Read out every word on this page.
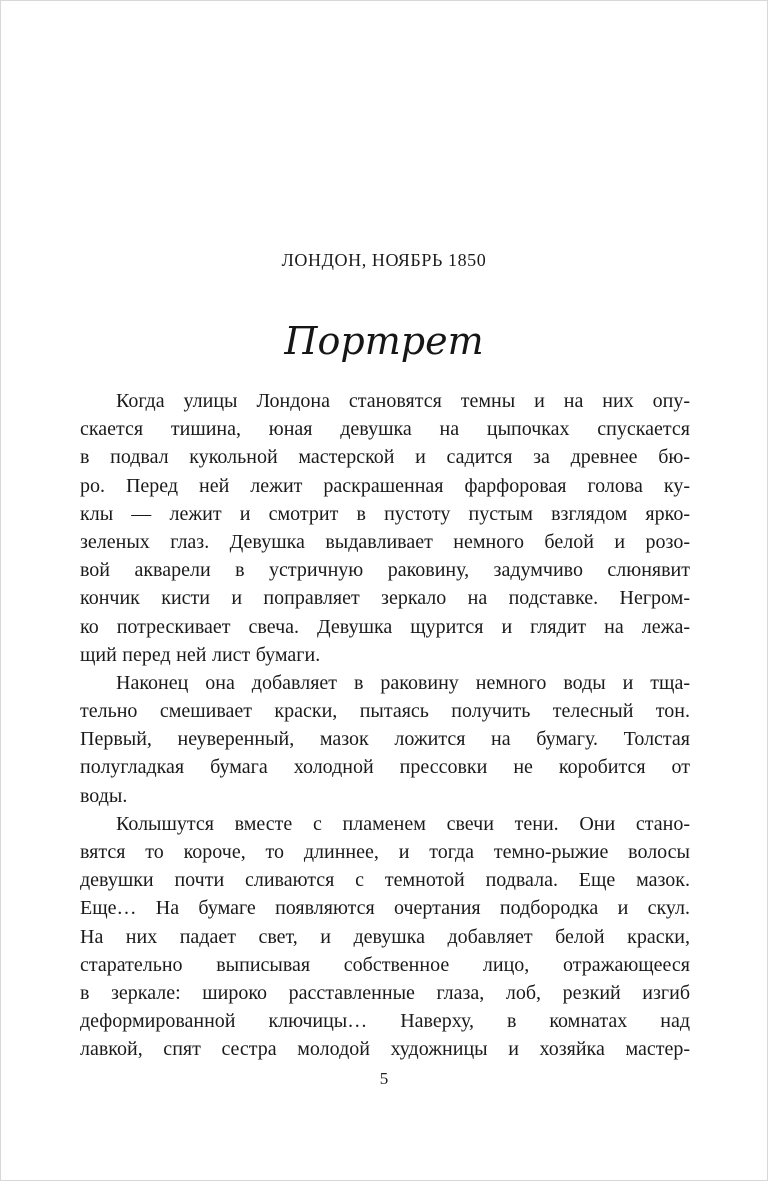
ЛОНДОН, НОЯБРЬ 1850
Портрет
Когда улицы Лондона становятся темны и на них опу-
скается тишина, юная девушка на цыпочках спускается
в подвал кукольной мастерской и садится за древнее бю-
ро. Перед ней лежит раскрашенная фарфоровая голова ку-
клы — лежит и смотрит в пустоту пустым взглядом ярко-
зеленых глаз. Девушка выдавливает немного белой и розо-
вой акварели в устричную раковину, задумчиво слюнявит
кончик кисти и поправляет зеркало на подставке. Негром-
ко потрескивает свеча. Девушка щурится и глядит на лежа-
щий перед ней лист бумаги.
Наконец она добавляет в раковину немного воды и тща-
тельно смешивает краски, пытаясь получить телесный тон.
Первый, неуверенный, мазок ложится на бумагу. Толстая
полугладкая бумага холодной прессовки не коробится от
воды.
Колышутся вместе с пламенем свечи тени. Они стано-
вятся то короче, то длиннее, и тогда темно-рыжие волосы
девушки почти сливаются с темнотой подвала. Еще мазок.
Еще… На бумаге появляются очертания подбородка и скул.
На них падает свет, и девушка добавляет белой краски,
старательно выписывая собственное лицо, отражающееся
в зеркале: широко расставленные глаза, лоб, резкий изгиб
деформированной ключицы… Наверху, в комнатах над
лавкой, спят сестра молодой художницы и хозяйка мастер-
5
